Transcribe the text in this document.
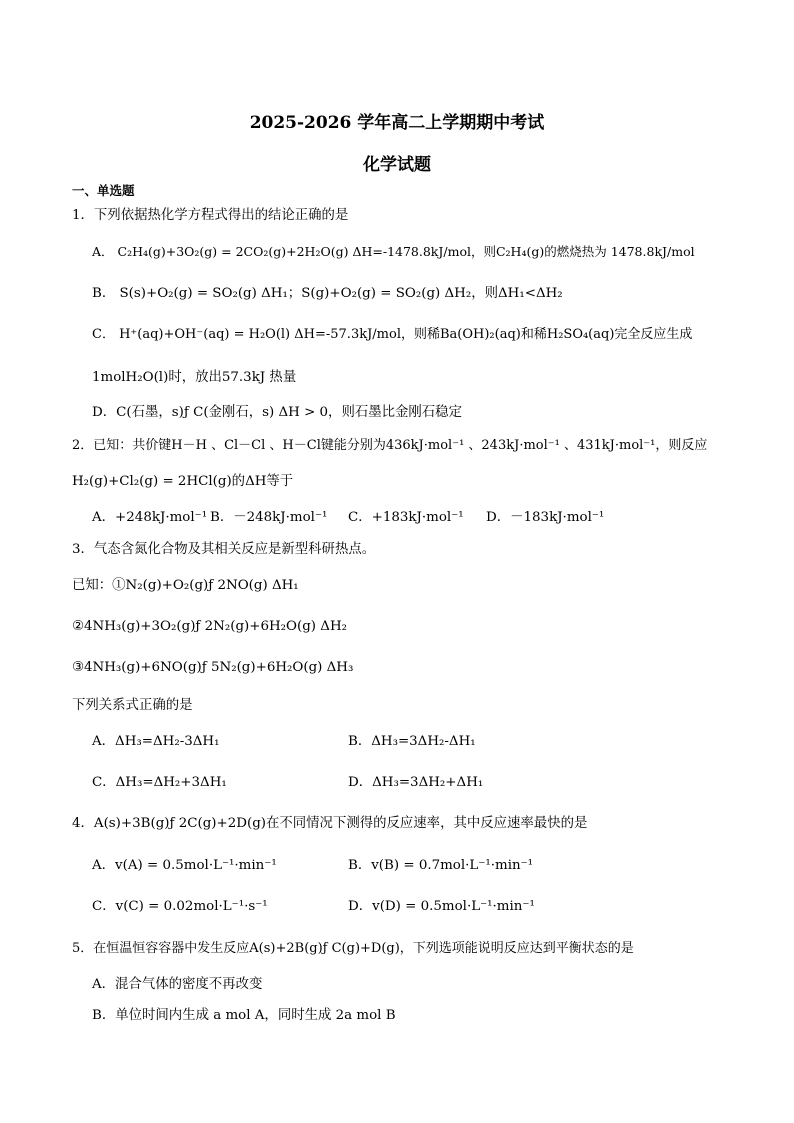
2025-2026 学年高二上学期期中考试
化学试题
一、单选题
1．下列依据热化学方程式得出的结论正确的是
A． C₂H₄(g)+3O₂(g) = 2CO₂(g)+2H₂O(g) ΔH=-1478.8kJ/mol，则C₂H₄(g)的燃烧热为 1478.8kJ/mol
B． S(s)+O₂(g) = SO₂(g) ΔH₁；S(g)+O₂(g) = SO₂(g) ΔH₂，则ΔH₁<ΔH₂
C． H⁺(aq)+OH⁻(aq) = H₂O(l) ΔH=-57.3kJ/mol，则稀Ba(OH)₂(aq)和稀H₂SO₄(aq)完全反应生成
1molH₂O(l)时，放出57.3kJ 热量
D．C(石墨，s)ƒ C(金刚石，s) ΔH > 0，则石墨比金刚石稳定
2．已知：共价键H－H 、Cl－Cl 、H－Cl键能分别为436kJ·mol⁻¹ 、243kJ·mol⁻¹ 、431kJ·mol⁻¹，则反应
H₂(g)+Cl₂(g) = 2HCl(g)的ΔH等于
A．+248kJ·mol⁻¹ B．－248kJ·mol⁻¹ C．+183kJ·mol⁻¹ D．－183kJ·mol⁻¹
3．气态含氮化合物及其相关反应是新型科研热点。
已知：①N₂(g)+O₂(g)ƒ 2NO(g) ΔH₁
②4NH₃(g)+3O₂(g)ƒ 2N₂(g)+6H₂O(g) ΔH₂
③4NH₃(g)+6NO(g)ƒ 5N₂(g)+6H₂O(g) ΔH₃
下列关系式正确的是
A．ΔH₃=ΔH₂-3ΔH₁	B．ΔH₃=3ΔH₂-ΔH₁
C．ΔH₃=ΔH₂+3ΔH₁	D．ΔH₃=3ΔH₂+ΔH₁
4．A(s)+3B(g)ƒ 2C(g)+2D(g)在不同情况下测得的反应速率，其中反应速率最快的是
A．v(A) = 0.5mol·L⁻¹·min⁻¹	B．v(B) = 0.7mol·L⁻¹·min⁻¹
C．v(C) = 0.02mol·L⁻¹·s⁻¹	D．v(D) = 0.5mol·L⁻¹·min⁻¹
5．在恒温恒容容器中发生反应A(s)+2B(g)ƒ C(g)+D(g)，下列选项能说明反应达到平衡状态的是
A．混合气体的密度不再改变
B．单位时间内生成 a mol A，同时生成 2a mol B
